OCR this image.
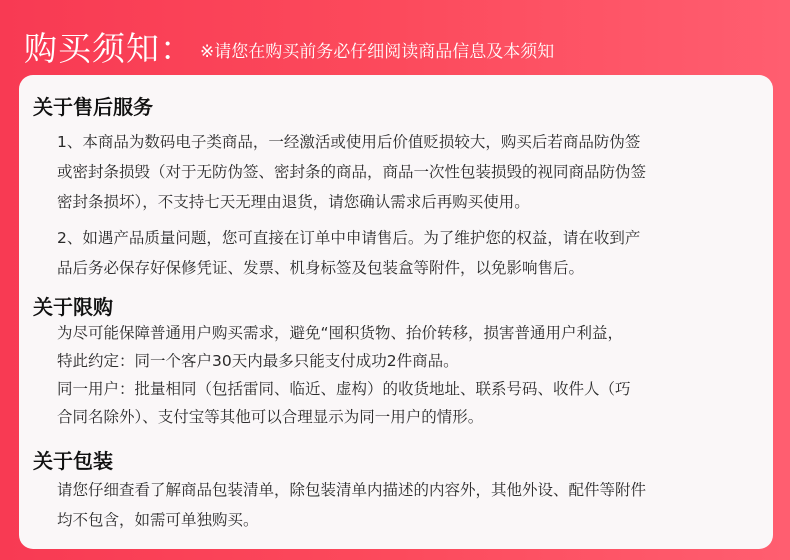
购买须知： ※请您在购买前务必仔细阅读商品信息及本须知
关于售后服务
1、本商品为数码电子类商品，一经激活或使用后价值贬损较大，购买后若商品防伪签
或密封条损毁（对于无防伪签、密封条的商品，商品一次性包装损毁的视同商品防伪签
密封条损坏），不支持七天无理由退货，请您确认需求后再购买使用。
2、如遇产品质量问题，您可直接在订单中申请售后。为了维护您的权益，请在收到产
品后务必保存好保修凭证、发票、机身标签及包装盒等附件，以免影响售后。
关于限购
为尽可能保障普通用户购买需求，避免“囤积货物、抬价转移，损害普通用户利益，
特此约定：同一个客户30天内最多只能支付成功2件商品。
同一用户：批量相同（包括雷同、临近、虚构）的收货地址、联系号码、收件人（巧
合同名除外）、支付宝等其他可以合理显示为同一用户的情形。
关于包装
请您仔细查看了解商品包装清单，除包装清单内描述的内容外，其他外设、配件等附件
均不包含，如需可单独购买。
